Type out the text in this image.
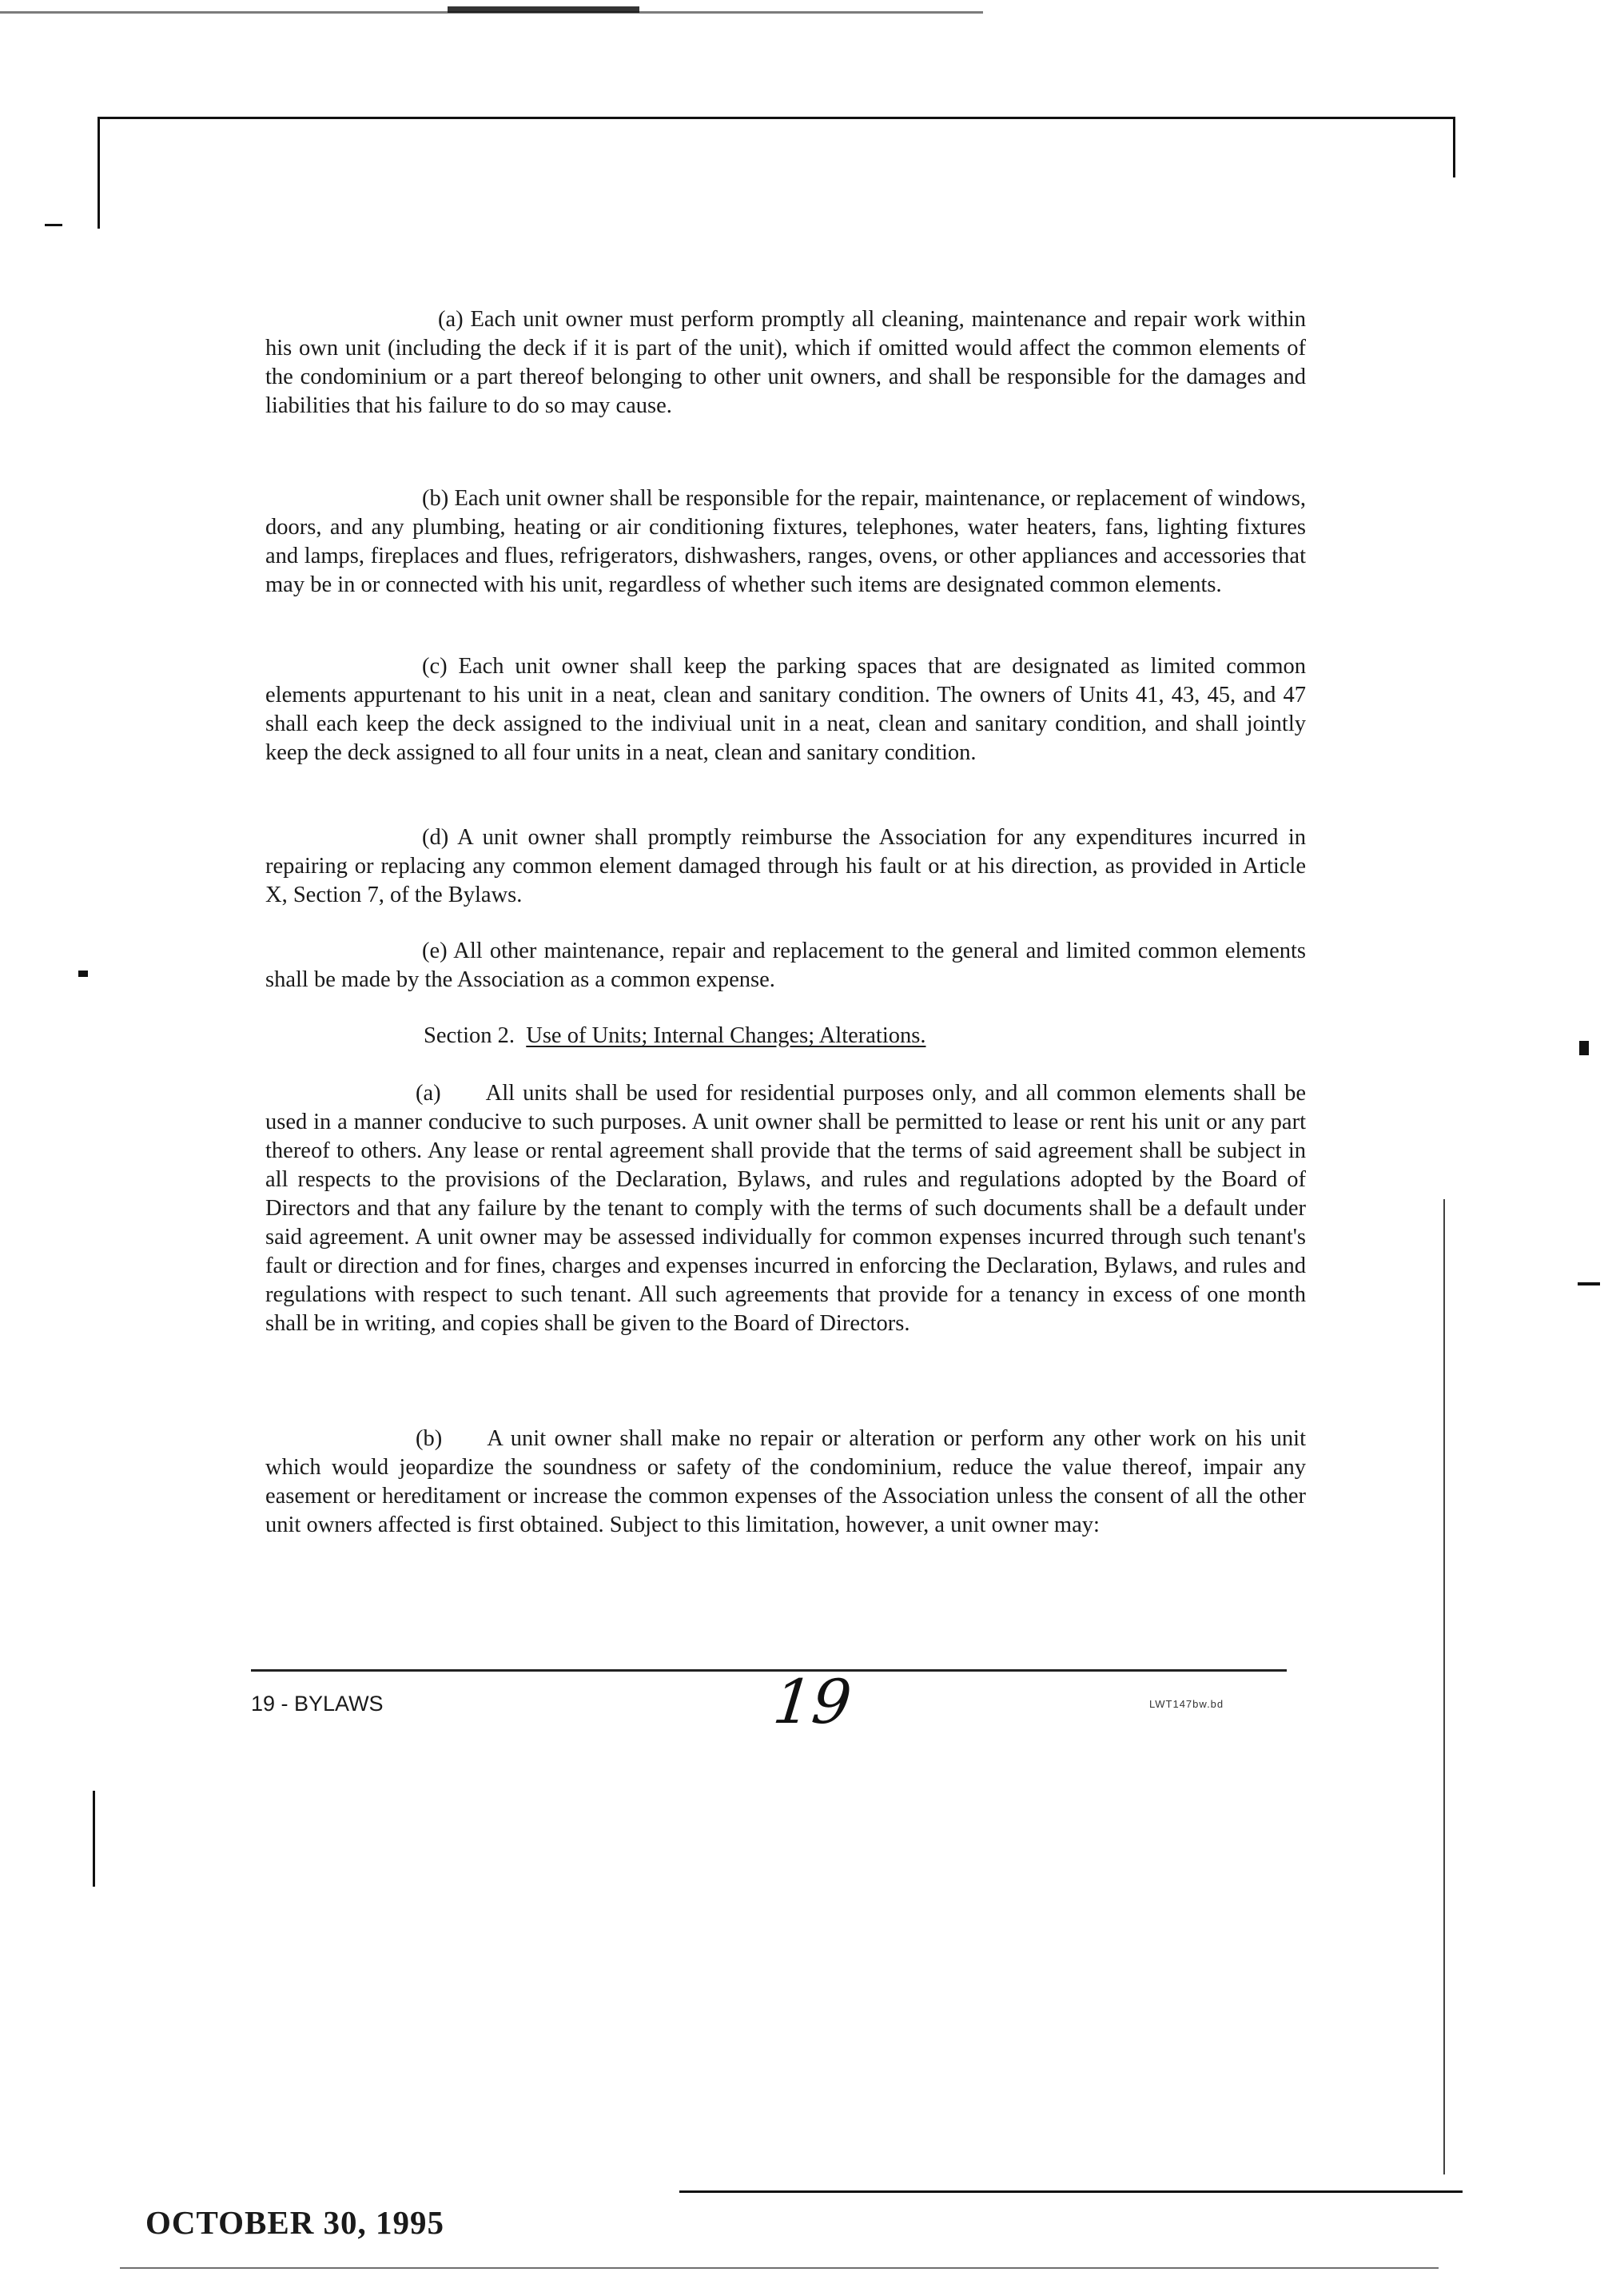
(a) Each unit owner must perform promptly all cleaning, maintenance and repair work within his own unit (including the deck if it is part of the unit), which if omitted would affect the common elements of the condominium or a part thereof belonging to other unit owners, and shall be responsible for the damages and liabilities that his failure to do so may cause.

(b) Each unit owner shall be responsible for the repair, maintenance, or replacement of windows, doors, and any plumbing, heating or air conditioning fixtures, telephones, water heaters, fans, lighting fixtures and lamps, fireplaces and flues, refrigerators, dishwashers, ranges, ovens, or other appliances and accessories that may be in or connected with his unit, regardless of whether such items are designated common elements.

(c) Each unit owner shall keep the parking spaces that are designated as limited common elements appurtenant to his unit in a neat, clean and sanitary condition. The owners of Units 41, 43, 45, and 47 shall each keep the deck assigned to the indiviual unit in a neat, clean and sanitary condition, and shall jointly keep the deck assigned to all four units in a neat, clean and sanitary condition.

(d) A unit owner shall promptly reimburse the Association for any expenditures incurred in repairing or replacing any common element damaged through his fault or at his direction, as provided in Article X, Section 7, of the Bylaws.

(e) All other maintenance, repair and replacement to the general and limited common elements shall be made by the Association as a common expense.

Section 2. Use of Units; Internal Changes; Alterations.

(a) All units shall be used for residential purposes only, and all common elements shall be used in a manner conducive to such purposes. A unit owner shall be permitted to lease or rent his unit or any part thereof to others. Any lease or rental agreement shall provide that the terms of said agreement shall be subject in all respects to the provisions of the Declaration, Bylaws, and rules and regulations adopted by the Board of Directors and that any failure by the tenant to comply with the terms of such documents shall be a default under said agreement. A unit owner may be assessed individually for common expenses incurred through such tenant's fault or direction and for fines, charges and expenses incurred in enforcing the Declaration, Bylaws, and rules and regulations with respect to such tenant. All such agreements that provide for a tenancy in excess of one month shall be in writing, and copies shall be given to the Board of Directors.

(b) A unit owner shall make no repair or alteration or perform any other work on his unit which would jeopardize the soundness or safety of the condominium, reduce the value thereof, impair any easement or hereditament or increase the common expenses of the Association unless the consent of all the other unit owners affected is first obtained. Subject to this limitation, however, a unit owner may:

19 - BYLAWS	19	LWT147bw.bd
OCTOBER 30, 1995
